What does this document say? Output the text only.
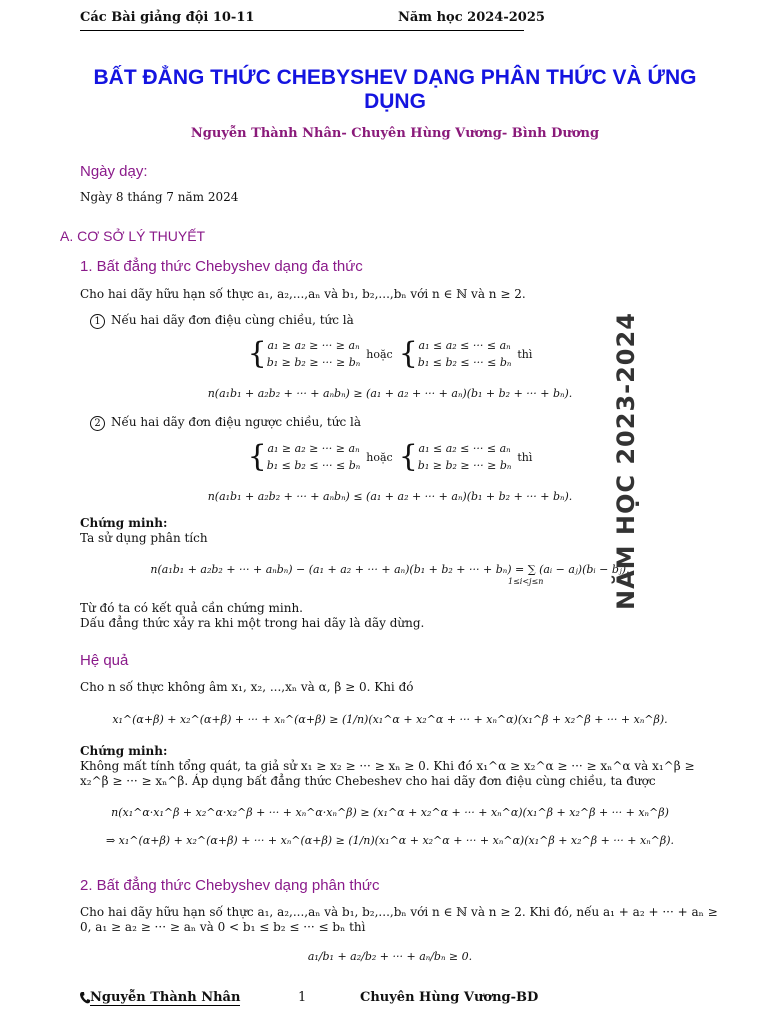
Các Bài giảng đội 10-11	Năm học 2024-2025
BẤT ĐẲNG THỨC CHEBYSHEV DẠNG PHÂN THỨC VÀ ỨNG DỤNG
Nguyễn Thành Nhân- Chuyên Hùng Vương- Bình Dương
Ngày dạy:
Ngày 8 tháng 7 năm 2024
A. CƠ SỞ LÝ THUYẾT
1. Bất đẳng thức Chebyshev dạng đa thức
Cho hai dãy hữu hạn số thực a₁, a₂,...,aₙ và b₁, b₂,...,bₙ với n ∈ ℕ và n ≥ 2.
1 Nếu hai dãy đơn điệu cùng chiều, tức là
{ a₁ ≥ a₂ ≥ ··· ≥ aₙ
b₁ ≥ b₂ ≥ ··· ≥ bₙ
hoặc { a₁ ≤ a₂ ≤ ··· ≤ aₙ
b₁ ≤ b₂ ≤ ··· ≤ bₙ
thì
n(a₁b₁ + a₂b₂ + ··· + aₙbₙ) ≥ (a₁ + a₂ + ··· + aₙ)(b₁ + b₂ + ··· + bₙ).
2 Nếu hai dãy đơn điệu ngược chiều, tức là
{ a₁ ≥ a₂ ≥ ··· ≥ aₙ
b₁ ≤ b₂ ≤ ··· ≤ bₙ
hoặc { a₁ ≤ a₂ ≤ ··· ≤ aₙ
b₁ ≥ b₂ ≥ ··· ≥ bₙ
thì
n(a₁b₁ + a₂b₂ + ··· + aₙbₙ) ≤ (a₁ + a₂ + ··· + aₙ)(b₁ + b₂ + ··· + bₙ).
Chứng minh:
Ta sử dụng phân tích
n(a₁b₁ + a₂b₂ + ··· + aₙbₙ) − (a₁ + a₂ + ··· + aₙ)(b₁ + b₂ + ··· + bₙ) = ∑ (aᵢ − aⱼ)(bᵢ − bⱼ).
1≤i<j≤n
Từ đó ta có kết quả cần chứng minh.
Dấu đẳng thức xảy ra khi một trong hai dãy là dãy dừng.
Hệ quả
Cho n số thực không âm x₁, x₂, ...,xₙ và α, β ≥ 0. Khi đó
x₁^(α+β) + x₂^(α+β) + ··· + xₙ^(α+β) ≥ (1/n)(x₁^α + x₂^α + ··· + xₙ^α)(x₁^β + x₂^β + ··· + xₙ^β).
Chứng minh:
Không mất tính tổng quát, ta giả sử x₁ ≥ x₂ ≥ ··· ≥ xₙ ≥ 0. Khi đó x₁^α ≥ x₂^α ≥ ··· ≥ xₙ^α và x₁^β ≥ x₂^β ≥ ··· ≥ xₙ^β. Áp dụng bất đẳng thức Chebeshev cho hai dãy đơn điệu cùng chiều, ta được
n(x₁^α·x₁^β + x₂^α·x₂^β + ··· + xₙ^α·xₙ^β) ≥ (x₁^α + x₂^α + ··· + xₙ^α)(x₁^β + x₂^β + ··· + xₙ^β)
⇒ x₁^(α+β) + x₂^(α+β) + ··· + xₙ^(α+β) ≥ (1/n)(x₁^α + x₂^α + ··· + xₙ^α)(x₁^β + x₂^β + ··· + xₙ^β).
2. Bất đẳng thức Chebyshev dạng phân thức
Cho hai dãy hữu hạn số thực a₁, a₂,...,aₙ và b₁, b₂,...,bₙ với n ∈ ℕ và n ≥ 2. Khi đó, nếu a₁ + a₂ + ··· + aₙ ≥ 0, a₁ ≥ a₂ ≥ ··· ≥ aₙ và 0 < b₁ ≤ b₂ ≤ ··· ≤ bₙ thì
a₁/b₁ + a₂/b₂ + ··· + aₙ/bₙ ≥ 0.
NĂM HỌC 2023-2024
Nguyễn Thành Nhân	1	Chuyên Hùng Vương-BD
